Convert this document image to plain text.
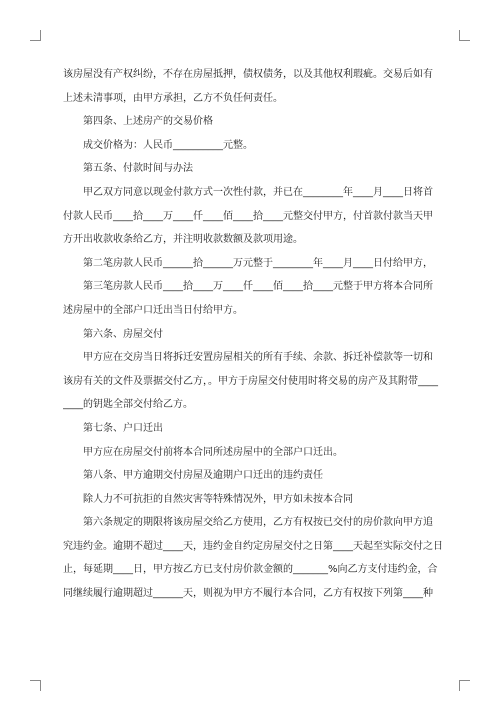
该房屋没有产权纠纷，不存在房屋抵押，债权债务，以及其他权利瑕疵。交易后如有
上述未清事项，由甲方承担，乙方不负任何责任。
第四条、上述房产的交易价格
成交价格为：人民币__________元整。
第五条、付款时间与办法
甲乙双方同意以现金付款方式一次性付款，并已在________年____月____日将首
付款人民币____拾____万____仟____佰____拾____元整交付甲方，付首款付款当天甲
方开出收款收条给乙方，并注明收款数额及款项用途。
第二笔房款人民币______拾______万元整于________年____月____日付给甲方，
第三笔房款人民币____拾____万____仟____佰____拾____元整于甲方将本合同所
述房屋中的全部户口迁出当日付给甲方。
第六条、房屋交付
甲方应在交房当日将拆迁安置房屋相关的所有手续、余款、拆迁补偿款等一切和
该房有关的文件及票据交付乙方，。甲方于房屋交付使用时将交易的房产及其附带____
____的钥匙全部交付给乙方。
第七条、户口迁出
甲方应在房屋交付前将本合同所述房屋中的全部户口迁出。
第八条、甲方逾期交付房屋及逾期户口迁出的违约责任
除人力不可抗拒的自然灾害等特殊情况外，甲方如未按本合同
第六条规定的期限将该房屋交给乙方使用，乙方有权按已交付的房价款向甲方追
究违约金。逾期不超过____天，违约金自约定房屋交付之日第____天起至实际交付之日
止，每延期____日，甲方按乙方已支付房价款金额的_______%向乙方支付违约金，合
同继续履行逾期超过______天，则视为甲方不履行本合同，乙方有权按下列第____种
